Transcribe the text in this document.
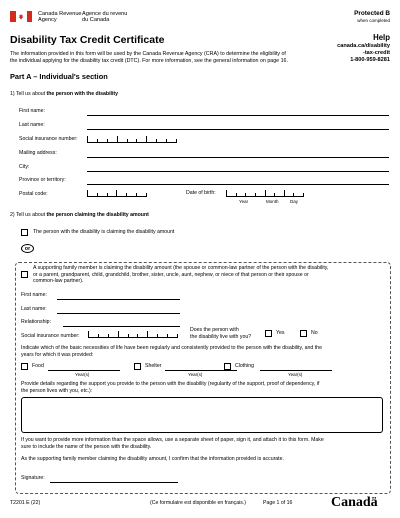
Canada Revenue
Agency
Agence du revenu
du Canada
Protected B
when completed
Help
canada.ca/disability
-tax-credit
1-800-959-8281
Disability Tax Credit Certificate
The information provided in this form will be used by the Canada Revenue Agency (CRA) to determine the eligibility of
the individual applying for the disability tax credit (DTC). For more information, see the general information on page 16.
Part A – Individual's section
1) Tell us about the person with the disability
First name:
Last name:
Social insurance number:
Mailing address:
City:
Province or territory:
Postal code:	Date of birth:
Year	Month	Day
2) Tell us about the person claiming the disability amount
The person with the disability is claiming the disability amount
or
A supporting family member is claiming the disability amount (the spouse or common-law partner of the person with the disability,
or a parent, grandparent, child, grandchild, brother, sister, uncle, aunt, nephew, or niece of that person or their spouse or
common-law partner).
First name:
Last name:
Relationship:
Social insurance number:
Does the person with
the disability live with you?
Yes	No
Indicate which of the basic necessities of life have been regularly and consistently provided to the person with the disability, and the
years for which it was provided:
Food
Year(s)
Shelter
Year(s)
Clothing
Year(s)
Provide details regarding the support you provide to the person with the disability (regularity of the support, proof of dependency, if
the person lives with you, etc.):
If you want to provide more information than the space allows, use a separate sheet of paper, sign it, and attach it to this form. Make
sure to include the name of the person with the disability.
As the supporting family member claiming the disability amount, I confirm that the information provided is accurate.
Signature:
T2201 E (22)	(Ce formulaire est disponible en français.)	Page 1 of 16	Canadä
